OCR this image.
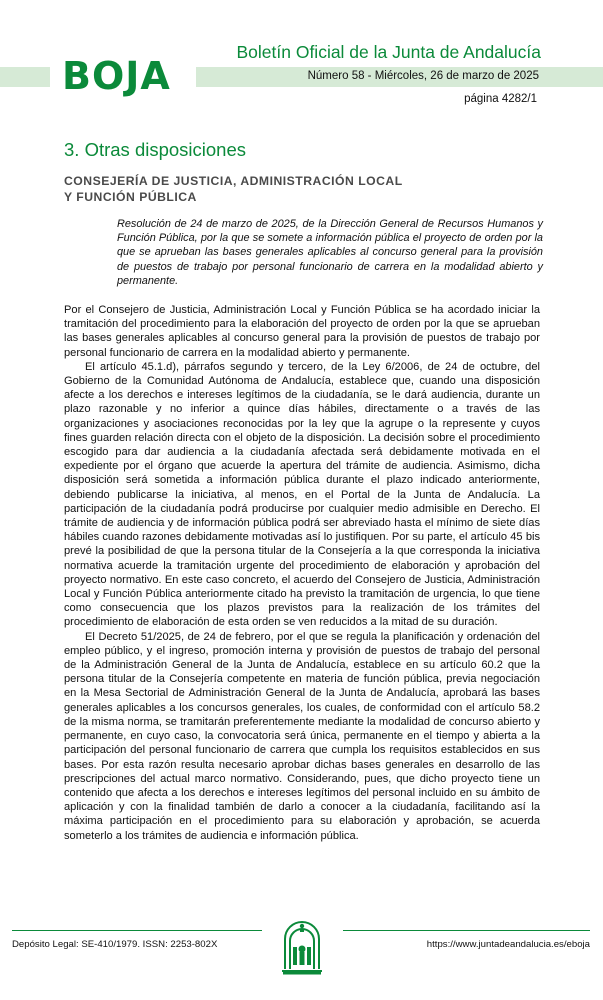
BOJA
Boletín Oficial de la Junta de Andalucía
Número 58 - Miércoles, 26 de marzo de 2025
página 4282/1
3. Otras disposiciones
CONSEJERÍA DE JUSTICIA, ADMINISTRACIÓN LOCAL
Y FUNCIÓN PÚBLICA
Resolución de 24 de marzo de 2025, de la Dirección General de Recursos Humanos y Función Pública, por la que se somete a información pública el proyecto de orden por la que se aprueban las bases generales aplicables al concurso general para la provisión de puestos de trabajo por personal funcionario de carrera en la modalidad abierto y permanente.

Por el Consejero de Justicia, Administración Local y Función Pública se ha acordado iniciar la tramitación del procedimiento para la elaboración del proyecto de orden por la que se aprueban las bases generales aplicables al concurso general para la provisión de puestos de trabajo por personal funcionario de carrera en la modalidad abierto y permanente.

El artículo 45.1.d), párrafos segundo y tercero, de la Ley 6/2006, de 24 de octubre, del Gobierno de la Comunidad Autónoma de Andalucía, establece que, cuando una disposición afecte a los derechos e intereses legítimos de la ciudadanía, se le dará audiencia, durante un plazo razonable y no inferior a quince días hábiles, directamente o a través de las organizaciones y asociaciones reconocidas por la ley que la agrupe o la represente y cuyos fines guarden relación directa con el objeto de la disposición. La decisión sobre el procedimiento escogido para dar audiencia a la ciudadanía afectada será debidamente motivada en el expediente por el órgano que acuerde la apertura del trámite de audiencia. Asimismo, dicha disposición será sometida a información pública durante el plazo indicado anteriormente, debiendo publicarse la iniciativa, al menos, en el Portal de la Junta de Andalucía. La participación de la ciudadanía podrá producirse por cualquier medio admisible en Derecho. El trámite de audiencia y de información pública podrá ser abreviado hasta el mínimo de siete días hábiles cuando razones debidamente motivadas así lo justifiquen. Por su parte, el artículo 45 bis prevé la posibilidad de que la persona titular de la Consejería a la que corresponda la iniciativa normativa acuerde la tramitación urgente del procedimiento de elaboración y aprobación del proyecto normativo. En este caso concreto, el acuerdo del Consejero de Justicia, Administración Local y Función Pública anteriormente citado ha previsto la tramitación de urgencia, lo que tiene como consecuencia que los plazos previstos para la realización de los trámites del procedimiento de elaboración de esta orden se ven reducidos a la mitad de su duración.

El Decreto 51/2025, de 24 de febrero, por el que se regula la planificación y ordenación del empleo público, y el ingreso, promoción interna y provisión de puestos de trabajo del personal de la Administración General de la Junta de Andalucía, establece en su artículo 60.2 que la persona titular de la Consejería competente en materia de función pública, previa negociación en la Mesa Sectorial de Administración General de la Junta de Andalucía, aprobará las bases generales aplicables a los concursos generales, los cuales, de conformidad con el artículo 58.2 de la misma norma, se tramitarán preferentemente mediante la modalidad de concurso abierto y permanente, en cuyo caso, la convocatoria será única, permanente en el tiempo y abierta a la participación del personal funcionario de carrera que cumpla los requisitos establecidos en sus bases. Por esta razón resulta necesario aprobar dichas bases generales en desarrollo de las prescripciones del actual marco normativo. Considerando, pues, que dicho proyecto tiene un contenido que afecta a los derechos e intereses legítimos del personal incluido en su ámbito de aplicación y con la finalidad también de darlo a conocer a la ciudadanía, facilitando así la máxima participación en el procedimiento para su elaboración y aprobación, se acuerda someterlo a los trámites de audiencia e información pública.

Depósito Legal: SE-410/1979. ISSN: 2253-802X	https://www.juntadeandalucia.es/eboja
